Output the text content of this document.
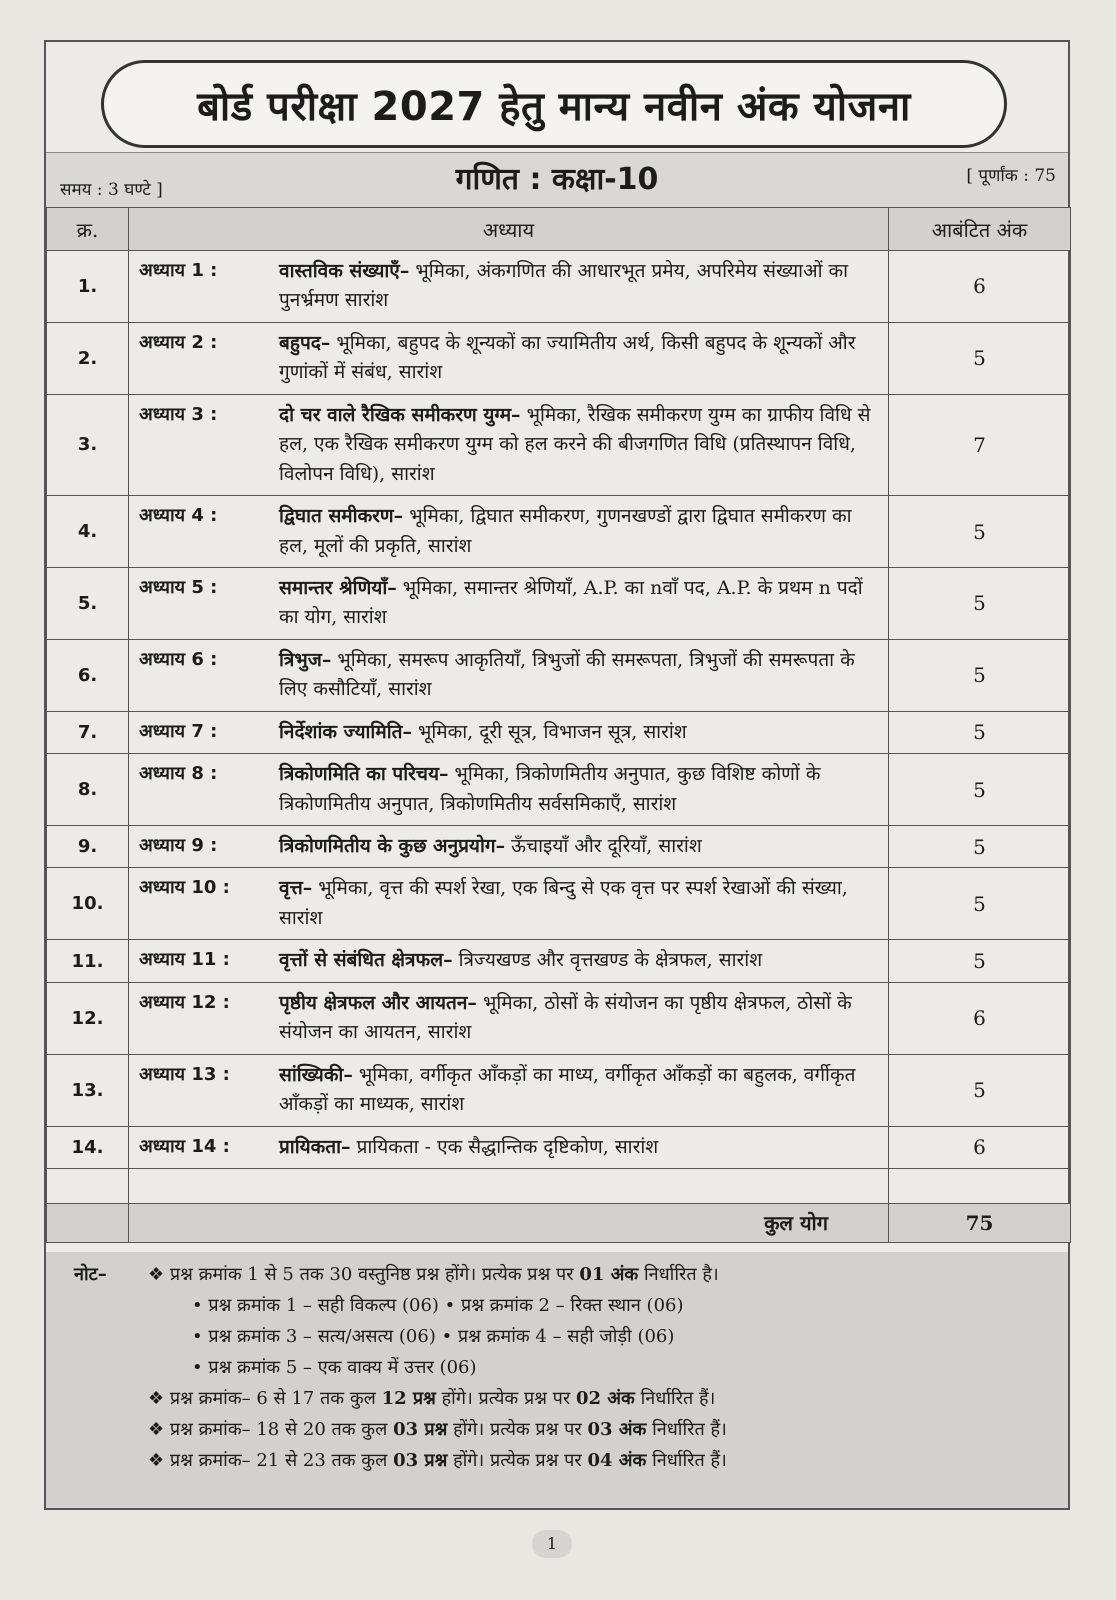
बोर्ड परीक्षा 2027 हेतु मान्य नवीन अंक योजना
समय : 3 घण्टे ]	गणित : कक्षा-10	[ पूर्णांक : 75
क्र.	अध्याय	आबंटित अंक
1.	अध्याय 1 : वास्तविक संख्याएँ– भूमिका, अंकगणित की आधारभूत प्रमेय, अपरिमेय संख्याओं का पुनर्भ्रमण सारांश	6
2.	अध्याय 2 : बहुपद– भूमिका, बहुपद के शून्यकों का ज्यामितीय अर्थ, किसी बहुपद के शून्यकों और गुणांकों में संबंध, सारांश	5
3.	अध्याय 3 : दो चर वाले रैखिक समीकरण युग्म– भूमिका, रैखिक समीकरण युग्म का ग्राफीय विधि से हल, एक रैखिक समीकरण युग्म को हल करने की बीजगणित विधि (प्रतिस्थापन विधि, विलोपन विधि), सारांश	7
4.	अध्याय 4 : द्विघात समीकरण– भूमिका, द्विघात समीकरण, गुणनखण्डों द्वारा द्विघात समीकरण का हल, मूलों की प्रकृति, सारांश	5
5.	अध्याय 5 : समान्तर श्रेणियाँ– भूमिका, समान्तर श्रेणियाँ, A.P. का nवाँ पद, A.P. के प्रथम n पदों का योग, सारांश	5
6.	अध्याय 6 : त्रिभुज– भूमिका, समरूप आकृतियाँ, त्रिभुजों की समरूपता, त्रिभुजों की समरूपता के लिए कसौटियाँ, सारांश	5
7.	अध्याय 7 : निर्देशांक ज्यामिति– भूमिका, दूरी सूत्र, विभाजन सूत्र, सारांश	5
8.	अध्याय 8 : त्रिकोणमिति का परिचय– भूमिका, त्रिकोणमितीय अनुपात, कुछ विशिष्ट कोणों के त्रिकोणमितीय अनुपात, त्रिकोणमितीय सर्वसमिकाएँ, सारांश	5
9.	अध्याय 9 : त्रिकोणमितीय के कुछ अनुप्रयोग– ऊँचाइयाँ और दूरियाँ, सारांश	5
10.	अध्याय 10 : वृत्त– भूमिका, वृत्त की स्पर्श रेखा, एक बिन्दु से एक वृत्त पर स्पर्श रेखाओं की संख्या, सारांश	5
11.	अध्याय 11 : वृत्तों से संबंधित क्षेत्रफल– त्रिज्यखण्ड और वृत्तखण्ड के क्षेत्रफल, सारांश	5
12.	अध्याय 12 : पृष्ठीय क्षेत्रफल और आयतन– भूमिका, ठोसों के संयोजन का पृष्ठीय क्षेत्रफल, ठोसों के संयोजन का आयतन, सारांश	6
13.	अध्याय 13 : सांख्यिकी– भूमिका, वर्गीकृत आँकड़ों का माध्य, वर्गीकृत आँकड़ों का बहुलक, वर्गीकृत आँकड़ों का माध्यक, सारांश	5
14.	अध्याय 14 : प्रायिकता– प्रायिकता - एक सैद्धान्तिक दृष्टिकोण, सारांश	6

	कुल योग	75
नोट–	❖ प्रश्न क्रमांक 1 से 5 तक 30 वस्तुनिष्ठ प्रश्न होंगे। प्रत्येक प्रश्न पर 01 अंक निर्धारित है।
• प्रश्न क्रमांक 1 – सही विकल्प (06) • प्रश्न क्रमांक 2 – रिक्त स्थान (06)
• प्रश्न क्रमांक 3 – सत्य/असत्य (06) • प्रश्न क्रमांक 4 – सही जोड़ी (06)
• प्रश्न क्रमांक 5 – एक वाक्य में उत्तर (06)
❖ प्रश्न क्रमांक– 6 से 17 तक कुल 12 प्रश्न होंगे। प्रत्येक प्रश्न पर 02 अंक निर्धारित हैं।
❖ प्रश्न क्रमांक– 18 से 20 तक कुल 03 प्रश्न होंगे। प्रत्येक प्रश्न पर 03 अंक निर्धारित हैं।
❖ प्रश्न क्रमांक– 21 से 23 तक कुल 03 प्रश्न होंगे। प्रत्येक प्रश्न पर 04 अंक निर्धारित हैं।
1
